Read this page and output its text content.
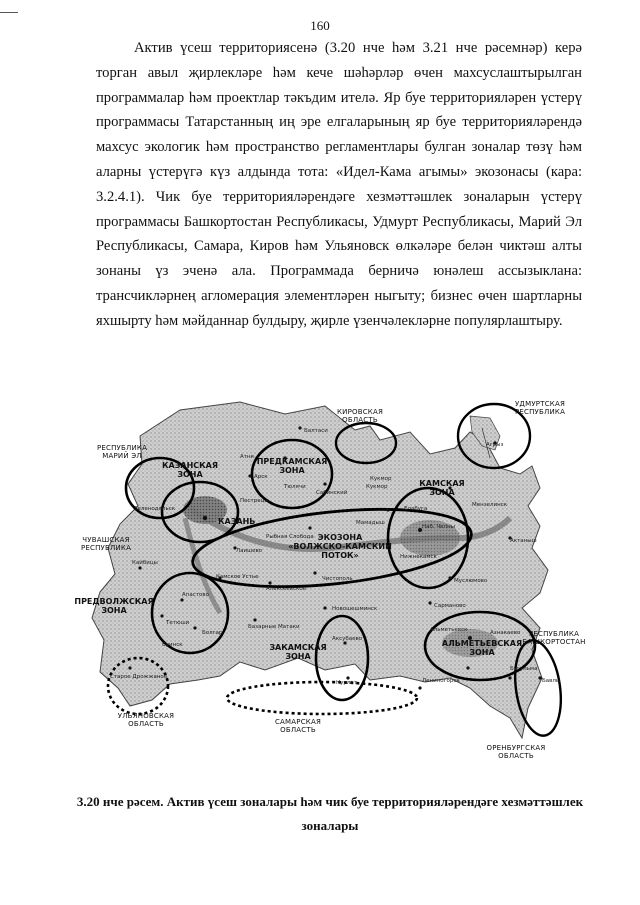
160

Актив үсеш территориясенә (3.20 нче һәм 3.21 нче рәсемнәр) керә торган авыл җирлекләре һәм кече шәһәрләр өчен махсуслаштырылган программалар һәм проектлар тәкъдим ителә. Яр буе территорияләрен үстерү программасы Татарстанның иң эре елгаларының яр буе территорияләрендә махсус экологик һәм пространство регламентлары булган зоналар төзү һәм аларны үстерүгә күз алдында тота: «Идел-Кама агымы» экозонасы (кара: 3.2.4.1). Чик буе территорияләрендәге хезмәттәшлек зоналарын үстерү программасы Башкортостан Республикасы, Удмурт Республикасы, Марий Эл Республикасы, Самара, Киров һәм Ульяновск өлкәләре белән чиктәш алты зонаны үз эченә ала. Программада берничә юнәлеш ассызыклана: трансчикләрнең агломерация элементләрен ныгыту; бизнес өчен шартларны яхшырту һәм мәйданнар булдыру, җирле үзенчәлекләрне популярлаштыру.

КИРОВСКАЯ
ОБЛАСТЬ
УДМУРТСКАЯ
РЕСПУБЛИКА
РЕСПУБЛИКА
МАРИЙ ЭЛ
ЧУВАШСКАЯ
РЕСПУБЛИКА
РЕСПУБЛИКА
БАШКОРТОСТАН
УЛЬЯНОВСКАЯ
ОБЛАСТЬ	САМАРСКАЯ
ОБЛАСТЬ
ОРЕНБУРГСКАЯ
ОБЛАСТЬ
КАЗАНСКАЯ
ЗОНА
ПРЕДКАМСКАЯ
ЗОНА
КАМСКАЯ
ЗОНА
ЭКОЗОНА
«ВОЛЖСКО-КАМСКИЙ
ПОТОК»
ПРЕДВОЛЖСКАЯ
ЗОНА
ЗАКАМСКАЯ
ЗОНА
АЛЬМЕТЬЕВСКАЯ
ЗОНА
КАЗАНЬ
Арск
Атня
Тюлячи
Сабинский
Балтаси
Мамадыш
Кукмор
Нижнекамск
Наб. Челны
Елабуга
Мензелинск
Актаныш
Муслюмово
Сарманово
Альметьевск
Бугульма
Азнакаево
Лениногорск	Бавлы
Нурлат
Аксубаево
Чистополь
Алексеевское
Новошешминск
Базарные Матаки
Болгар
Тетюши
Буинск
Апастово
Кайбицы
Зеленодольск
Лаишево
Камское Устье
Старое Дрожжаное
Агрыз
Кукмор
Рыбная Слобода
Пестрецы
3.20 нче рәсем. Актив үсеш зоналары һәм чик буе территорияләрендәге хезмәттәшлек
зоналары
